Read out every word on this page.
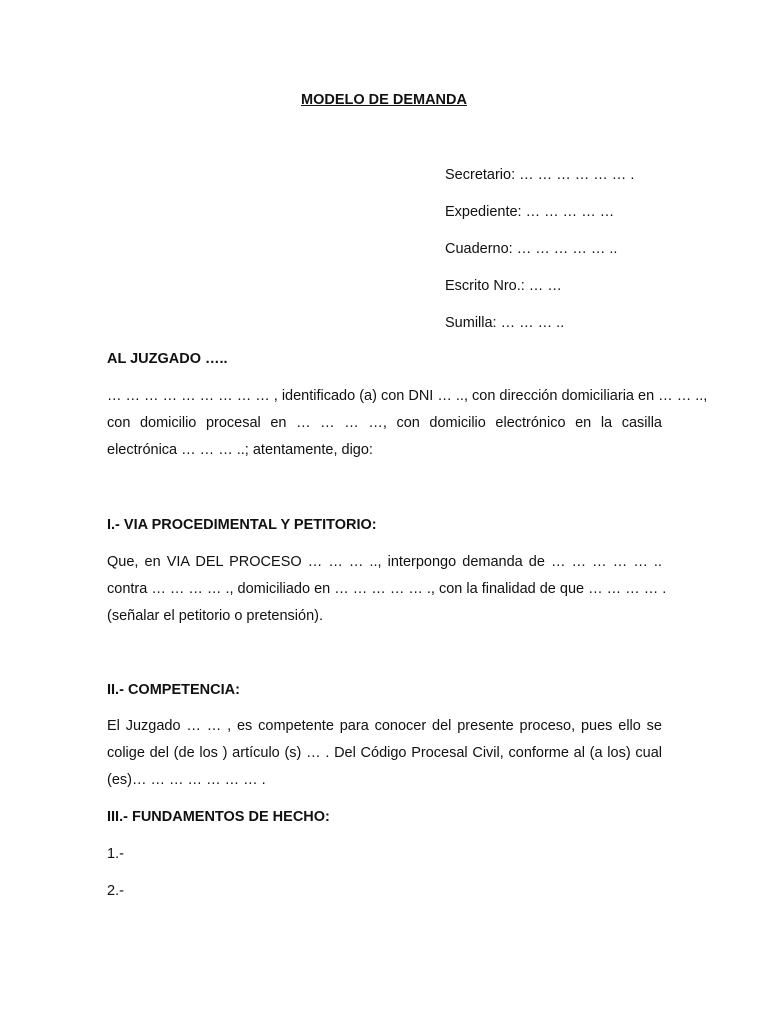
MODELO DE DEMANDA
Secretario: … … … … … … .
Expediente: … … … … …
Cuaderno: … … … … … ..
Escrito Nro.: … …
Sumilla: … … … ..
AL JUZGADO …..

… … … … … … … … … , identificado (a) con DNI … .., con dirección domiciliaria en … … ..,
con domicilio procesal en … … … …, con domicilio electrónico en la casilla
electrónica … … … ..; atentamente, digo:

I.- VIA PROCEDIMENTAL Y PETITORIO:

Que, en VIA DEL PROCESO … … … .., interpongo demanda de … … … … … ..
contra … … … … ., domiciliado en … … … … … ., con la finalidad de que … … … … .
(señalar el petitorio o pretensión).

II.- COMPETENCIA:

El Juzgado … … , es competente para conocer del presente proceso, pues ello se
colige del (de los ) artículo (s) … . Del Código Procesal Civil, conforme al (a los) cual
(es)… … … … … … … .

III.- FUNDAMENTOS DE HECHO:

1.-

2.-
